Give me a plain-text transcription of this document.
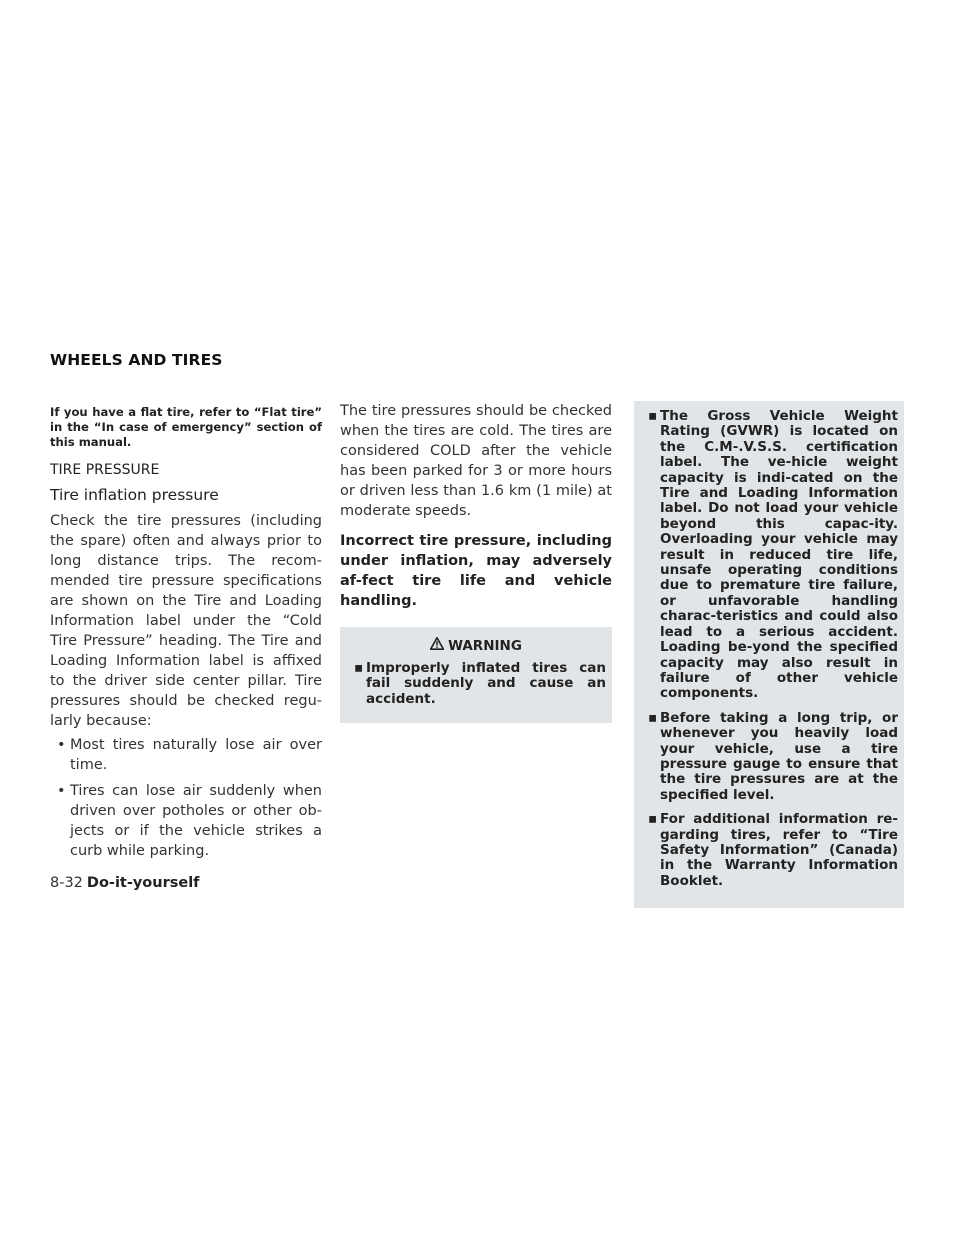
WHEELS AND TIRES

If you have a flat tire, refer to “Flat tire” in the “In case of emergency” section of this manual.

TIRE PRESSURE
Tire inflation pressure

Check the tire pressures (including the spare) often and always prior to long distance trips. The recom-mended tire pressure specifications are shown on the Tire and Loading Information label under the “Cold Tire Pressure” heading. The Tire and Loading Information label is affixed to the driver side center pillar. Tire pressures should be checked regu-larly because:

• Most tires naturally lose air over time.
• Tires can lose air suddenly when driven over potholes or other ob-jects or if the vehicle strikes a curb while parking.

The tire pressures should be checked when the tires are cold. The tires are considered COLD after the vehicle has been parked for 3 or more hours or driven less than 1.6 km (1 mile) at moderate speeds.

Incorrect tire pressure, including under inflation, may adversely af-fect tire life and vehicle handling.

WARNING
▪ Improperly inflated tires can fail suddenly and cause an accident.
▪ The Gross Vehicle Weight Rating (GVWR) is located on the C.M-.V.S.S. certification label. The ve-hicle weight capacity is indi-cated on the Tire and Loading Information label. Do not load your vehicle beyond this capac-ity. Overloading your vehicle may result in reduced tire life, unsafe operating conditions due to premature tire failure, or unfavorable handling charac-teristics and could also lead to a serious accident. Loading be-yond the specified capacity may also result in failure of other vehicle components.
▪ Before taking a long trip, or whenever you heavily load your vehicle, use a tire pressure gauge to ensure that the tire pressures are at the specified level.
▪ For additional information re-garding tires, refer to “Tire Safety Information” (Canada) in the Warranty Information Booklet.
8-32 Do-it-yourself
